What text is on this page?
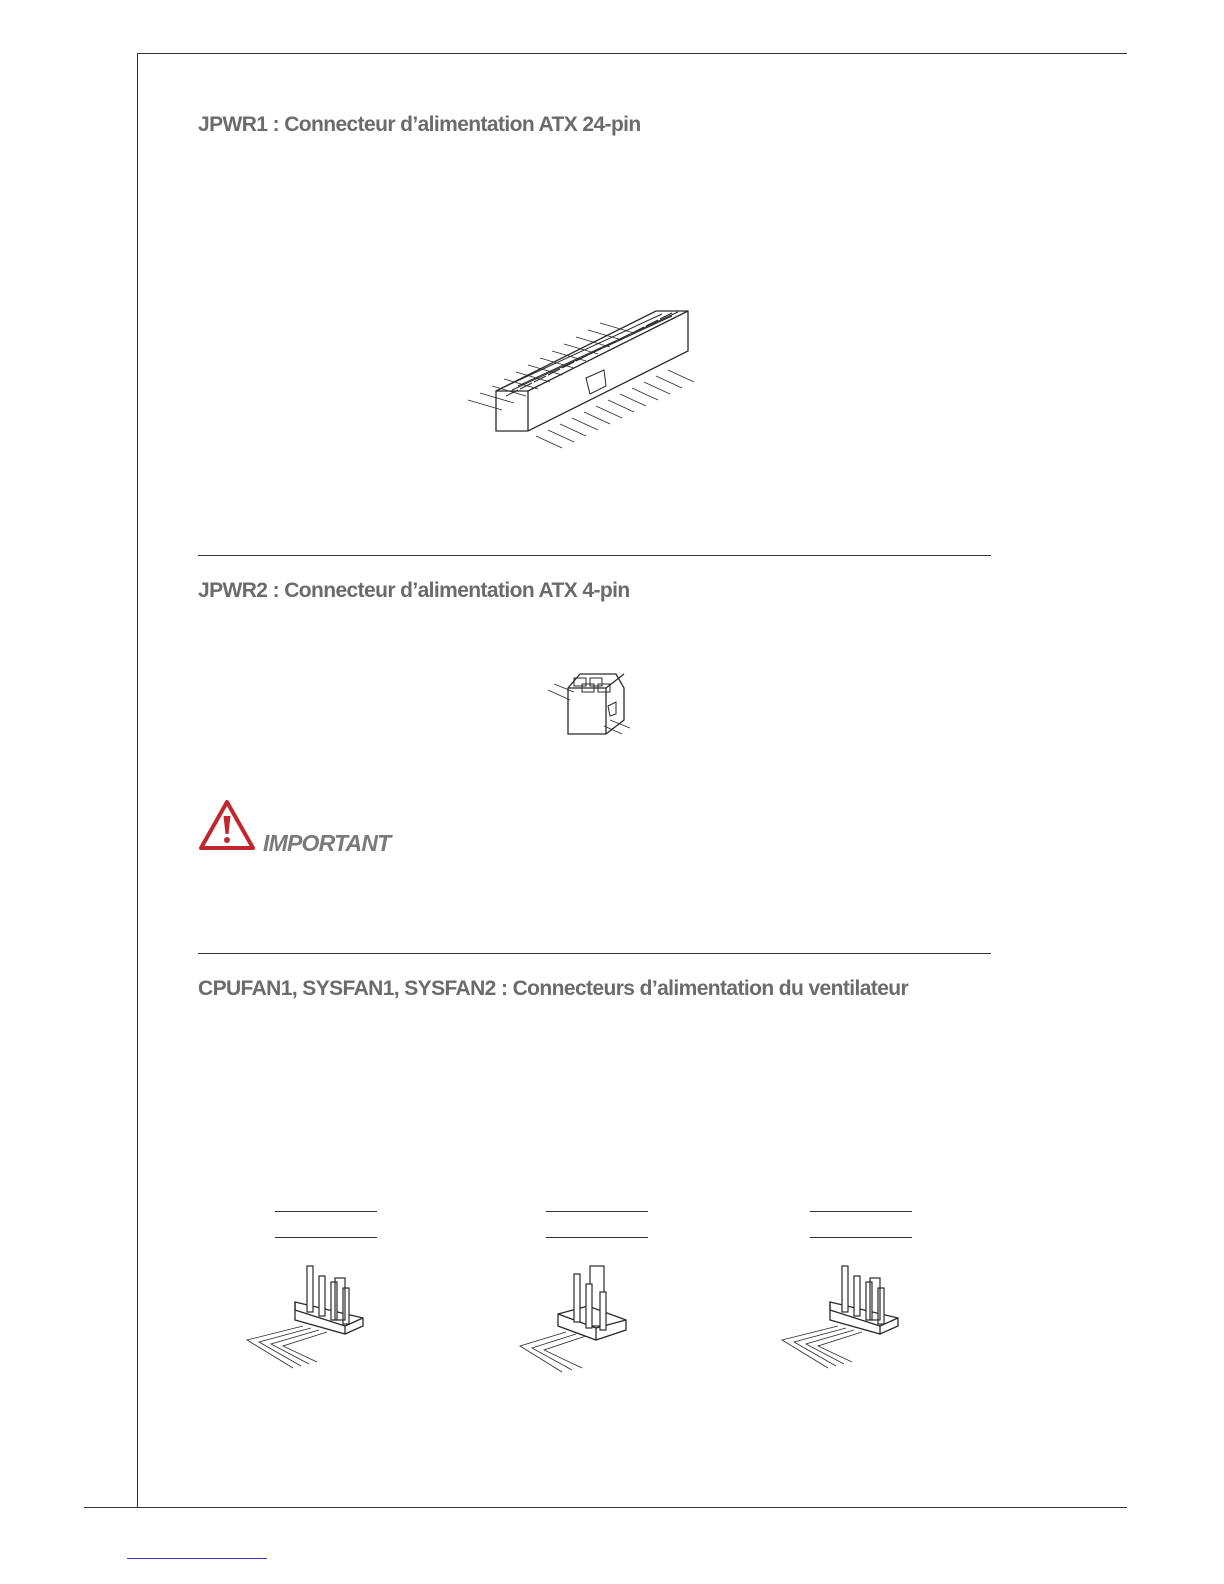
JPWR1 : Connecteur d’alimentation ATX 24-pin
JPWR2 : Connecteur d’alimentation ATX 4-pin
IMPORTANT
CPUFAN1, SYSFAN1, SYSFAN2 : Connecteurs d’alimentation du ventilateur
